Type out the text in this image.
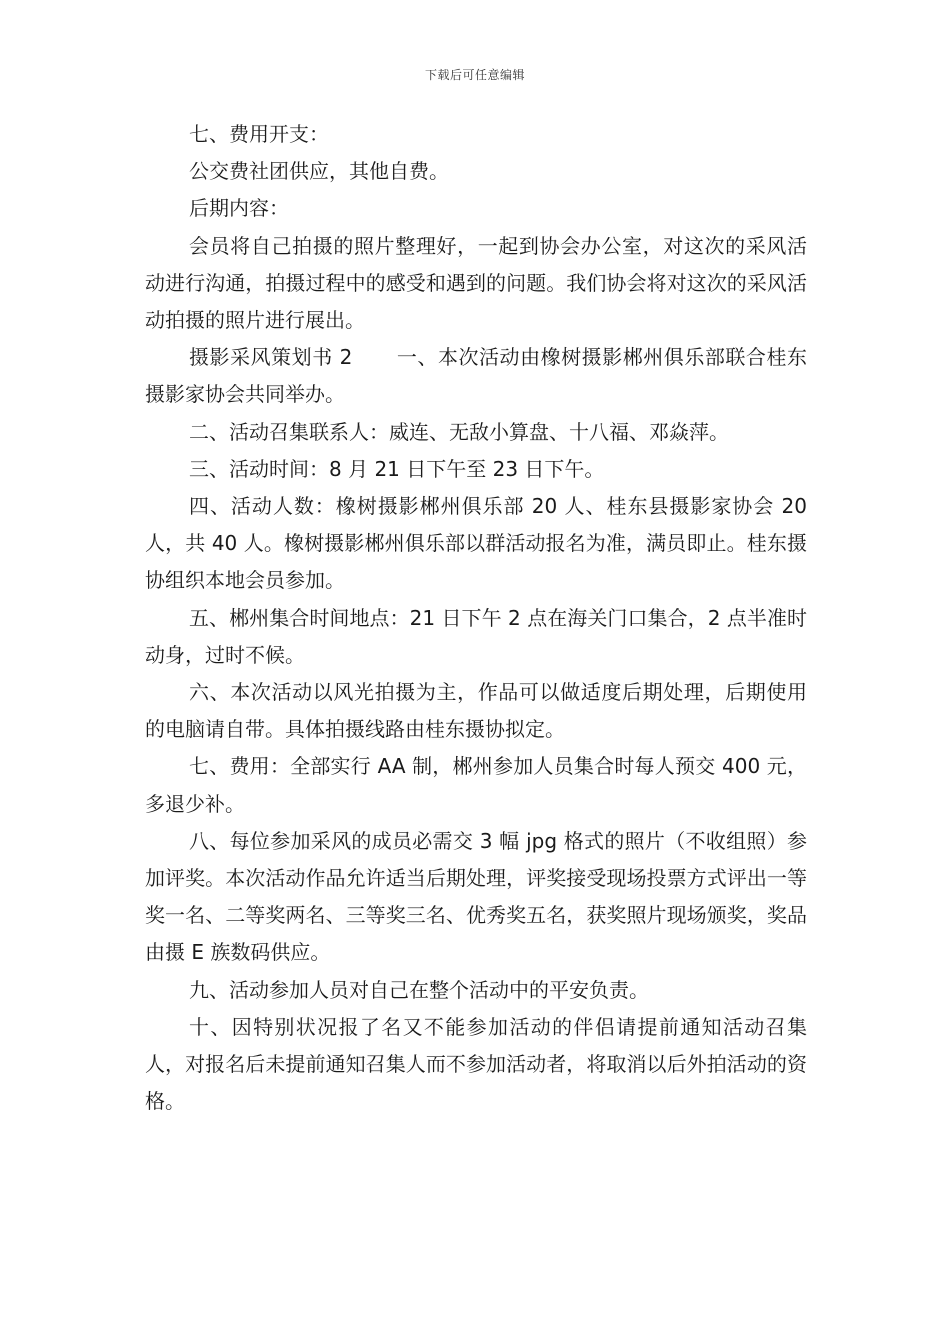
下载后可任意编辑

七、费用开支：

公交费社团供应，其他自费。

后期内容：

会员将自己拍摄的照片整理好，一起到协会办公室，对这次的采风活动进行沟通，拍摄过程中的感受和遇到的问题。我们协会将对这次的采风活动拍摄的照片进行展出。

摄影采风策划书 2 一、本次活动由橡树摄影郴州俱乐部联合桂东摄影家协会共同举办。

二、活动召集联系人：威连、无敌小算盘、十八福、邓焱萍。

三、活动时间：8 月 21 日下午至 23 日下午。

四、活动人数：橡树摄影郴州俱乐部 20 人、桂东县摄影家协会 20 人，共 40 人。橡树摄影郴州俱乐部以群活动报名为准，满员即止。桂东摄协组织本地会员参加。

五、郴州集合时间地点：21 日下午 2 点在海关门口集合，2 点半准时动身，过时不候。

六、本次活动以风光拍摄为主，作品可以做适度后期处理，后期使用的电脑请自带。具体拍摄线路由桂东摄协拟定。

七、费用：全部实行 AA 制，郴州参加人员集合时每人预交 400 元，多退少补。

八、每位参加采风的成员必需交 3 幅 jpg 格式的照片（不收组照）参加评奖。本次活动作品允许适当后期处理，评奖接受现场投票方式评出一等奖一名、二等奖两名、三等奖三名、优秀奖五名，获奖照片现场颁奖，奖品由摄 E 族数码供应。

九、活动参加人员对自己在整个活动中的平安负责。

十、因特别状况报了名又不能参加活动的伴侣请提前通知活动召集人，对报名后未提前通知召集人而不参加活动者，将取消以后外拍活动的资格。
